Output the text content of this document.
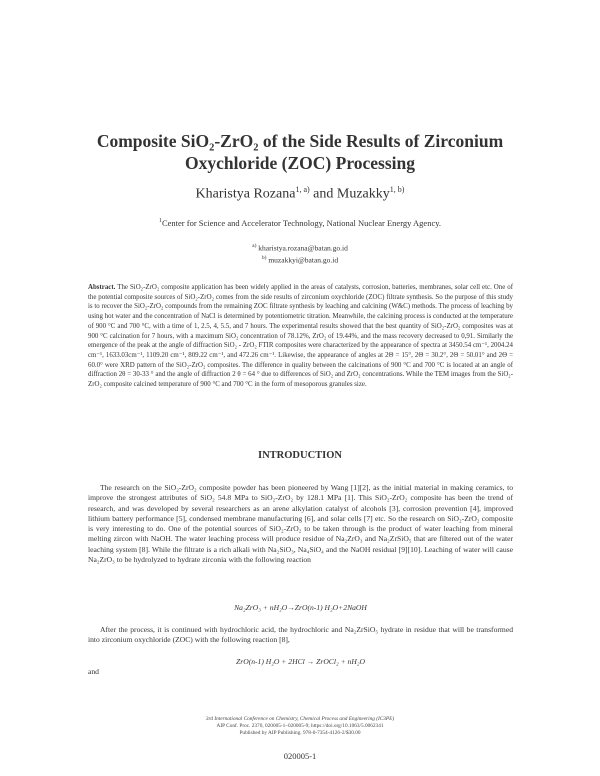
Composite SiO₂-ZrO₂ of the Side Results of Zirconium
Oxychloride (ZOC) Processing
Kharistya Rozana$^{1, a)}$ and Muzakky$^{1, b)}$
$^1$Center for Science and Accelerator Technology, National Nuclear Energy Agency.
$^{a)}$ kharistya.rozana@batan.go.id
$^{b)}$ muzakkyi@batan.go.id
Abstract. The SiO₂-ZrO₂ composite application has been widely applied in the areas of catalysts, corrosion, batteries, membranes, solar cell etc. One of the potential composite sources of SiO₂-ZrO₂ comes from the side results of zirconium oxychloride (ZOC) filtrate synthesis. So the purpose of this study is to recover the SiO₂-ZrO₂ compounds from the remaining ZOC filtrate synthesis by leaching and calcining (W&C) methods. The process of leaching by using hot water and the concentration of NaCl is determined by potentiometric titration. Meanwhile, the calcining process is conducted at the temperature of 900 °C and 700 °C, with a time of 1, 2.5, 4, 5.5, and 7 hours. The experimental results showed that the best quantity of SiO₂-ZrO₂ composites was at 900 °C calcination for 7 hours, with a maximum SiO₂ concentration of 78.12%, ZrO₂ of 19.44%, and the mass recovery decreased to 0,91. Similarly the emergence of the peak at the angle of diffraction SiO₂ - ZrO₂ FTIR composites were characterized by the appearance of spectra at 3450.54 cm⁻¹, 2004.24 cm⁻¹, 1633.03cm⁻¹, 1109.20 cm⁻¹, 809.22 cm⁻¹, and 472.26 cm⁻¹. Likewise, the appearance of angles at 2Θ = 15°, 2Θ = 30.2°, 2Θ = 50.01° and 2Θ = 60.0° were XRD pattern of the SiO₂-ZrO₂ composites. The difference in quality between the calcinations of 900 °C and 700 °C is located at an angle of diffraction 2θ = 30-33 ° and the angle of diffraction 2 θ = 64 ° due to differences of SiO₂ and ZrO₂ concentrations. While the TEM images from the SiO₂-ZrO₂ composite calcined temperature of 900 °C and 700 °C in the form of mesoporous granules size.
INTRODUCTION
The research on the SiO₂-ZrO₂ composite powder has been pioneered by Wang [1][2], as the initial material in making ceramics, to improve the strongest attributes of SiO₂ 54.8 MPa to SiO₂-ZrO₂ by 128.1 MPa [1]. This SiO₂-ZrO₂ composite has been the trend of research, and was developed by several researchers as an arene alkylation catalyst of alcohols [3], corrosion prevention [4], improved lithium battery performance [5], condensed membrane manufacturing [6], and solar cells [7] etc. So the research on SiO₂-ZrO₂ composite is very interesting to do. One of the potential sources of SiO₂-ZrO₂ to be taken through is the product of water leaching from mineral melting zircon with NaOH. The water leaching process will produce residue of Na₂ZrO₃ and Na₂ZrSiO₅ that are filtered out of the water leaching system [8]. While the filtrate is a rich alkali with Na₂SiO₃, Na₄SiO₄ and the NaOH residual [9][10]. Leaching of water will cause Na₂ZrO₃ to be hydrolyzed to hydrate zirconia with the following reaction
Na₂ZrO₃ + nH₂O→ZrO(n-1) H₂O+2NaOH
After the process, it is continued with hydrochloric acid, the hydrochloric and Na₂ZrSiO₅ hydrate in residue that will be transformed into zirconium oxychloride (ZOC) with the following reaction [8],
ZrO(n-1) H₂O + 2HCl → ZrOCl₂ + nH₂O
and
3rd International Conference on Chemistry, Chemical Process and Engineering (IC3PE)
AIP Conf. Proc. 2370, 020005-1–020005-9; https://doi.org/10.1063/5.0062341
Published by AIP Publishing. 978-0-7354-4126-2/$30.00
020005-1
